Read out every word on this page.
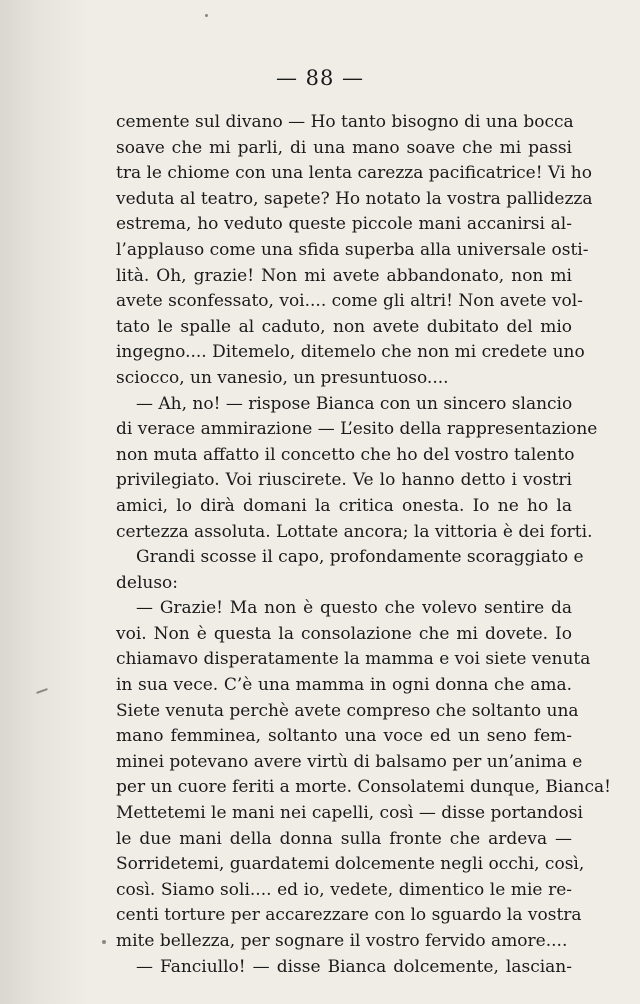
— 88 —
cemente sul divano — Ho tanto bisogno di una bocca
soave che mi parli, di una mano soave che mi passi
tra le chiome con una lenta carezza pacificatrice! Vi ho
veduta al teatro, sapete? Ho notato la vostra pallidezza
estrema, ho veduto queste piccole mani accanirsi al-
l’applauso come una sfida superba alla universale osti-
lità. Oh, grazie! Non mi avete abbandonato, non mi
avete sconfessato, voi.... come gli altri! Non avete vol-
tato le spalle al caduto, non avete dubitato del mio
ingegno.... Ditemelo, ditemelo che non mi credete uno
sciocco, un vanesio, un presuntuoso....
— Ah, no! — rispose Bianca con un sincero slancio
di verace ammirazione — L’esito della rappresentazione
non muta affatto il concetto che ho del vostro talento
privilegiato. Voi riuscirete. Ve lo hanno detto i vostri
amici, lo dirà domani la critica onesta. Io ne ho la
certezza assoluta. Lottate ancora; la vittoria è dei forti.
Grandi scosse il capo, profondamente scoraggiato e
deluso:
— Grazie! Ma non è questo che volevo sentire da
voi. Non è questa la consolazione che mi dovete. Io
chiamavo disperatamente la mamma e voi siete venuta
in sua vece. C’è una mamma in ogni donna che ama.
Siete venuta perchè avete compreso che soltanto una
mano femminea, soltanto una voce ed un seno fem-
minei potevano avere virtù di balsamo per un’anima e
per un cuore feriti a morte. Consolatemi dunque, Bianca!
Mettetemi le mani nei capelli, così — disse portandosi
le due mani della donna sulla fronte che ardeva —
Sorridetemi, guardatemi dolcemente negli occhi, così,
così. Siamo soli.... ed io, vedete, dimentico le mie re-
centi torture per accarezzare con lo sguardo la vostra
mite bellezza, per sognare il vostro fervido amore....
— Fanciullo! — disse Bianca dolcemente, lascian-
